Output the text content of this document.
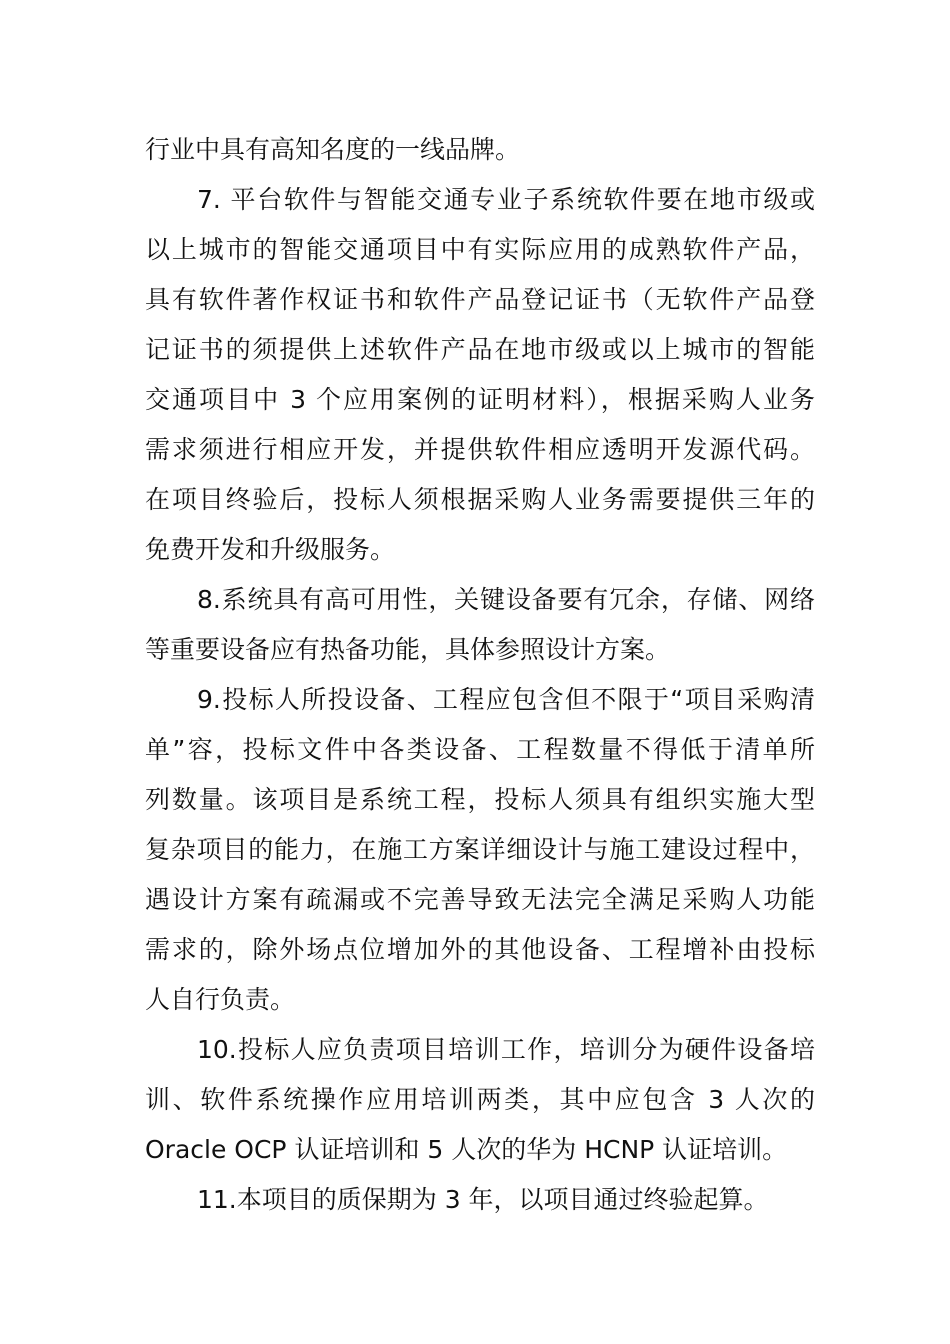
行业中具有高知名度的一线品牌。
7. 平台软件与智能交通专业子系统软件要在地市级或
以上城市的智能交通项目中有实际应用的成熟软件产品，
具有软件著作权证书和软件产品登记证书（无软件产品登
记证书的须提供上述软件产品在地市级或以上城市的智能
交通项目中 3 个应用案例的证明材料），根据采购人业务
需求须进行相应开发，并提供软件相应透明开发源代码。
在项目终验后，投标人须根据采购人业务需要提供三年的
免费开发和升级服务。
8.系统具有高可用性，关键设备要有冗余，存储、网络
等重要设备应有热备功能，具体参照设计方案。
9.投标人所投设备、工程应包含但不限于“项目采购清
单”容，投标文件中各类设备、工程数量不得低于清单所
列数量。该项目是系统工程，投标人须具有组织实施大型
复杂项目的能力，在施工方案详细设计与施工建设过程中，
遇设计方案有疏漏或不完善导致无法完全满足采购人功能
需求的，除外场点位增加外的其他设备、工程增补由投标
人自行负责。
10.投标人应负责项目培训工作，培训分为硬件设备培
训、软件系统操作应用培训两类，其中应包含 3 人次的
Oracle OCP 认证培训和 5 人次的华为 HCNP 认证培训。
11.本项目的质保期为 3 年，以项目通过终验起算。
